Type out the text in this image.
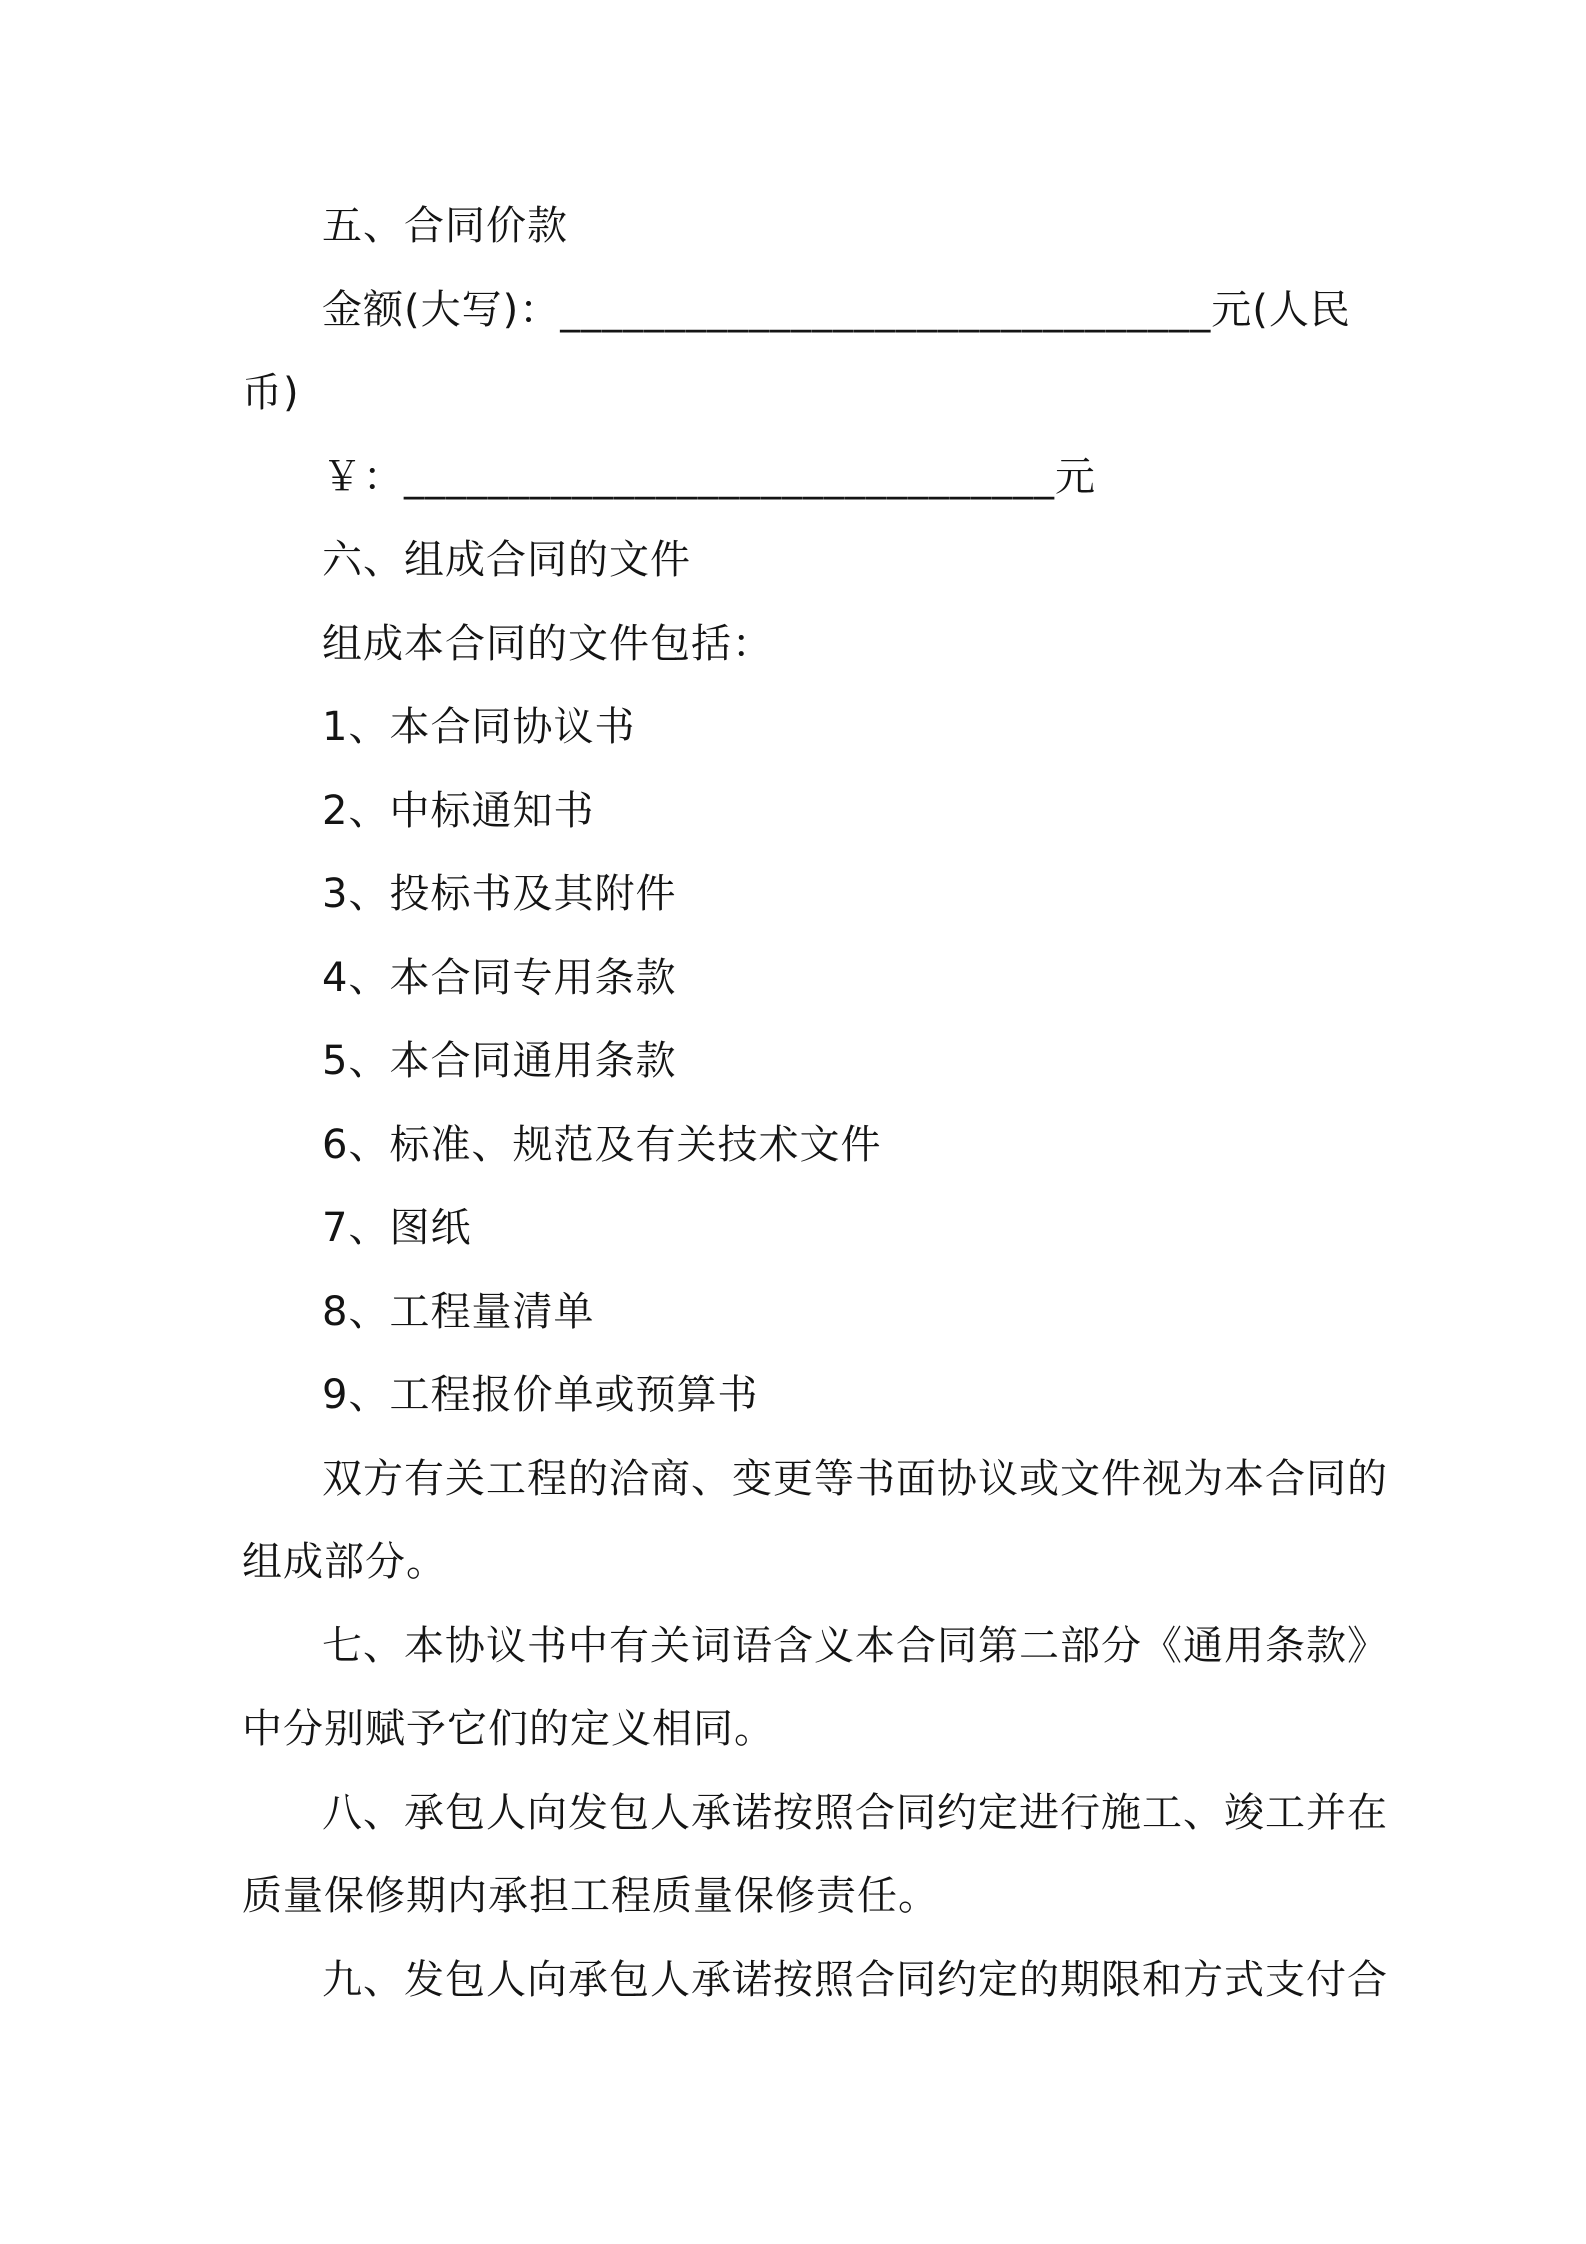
五、合同价款
金额(大写)：_______________________________元(人民
币)
￥：_______________________________元
六、组成合同的文件
组成本合同的文件包括：
1、本合同协议书
2、中标通知书
3、投标书及其附件
4、本合同专用条款
5、本合同通用条款
6、标准、规范及有关技术文件
7、图纸
8、工程量清单
9、工程报价单或预算书
双方有关工程的洽商、变更等书面协议或文件视为本合同的
组成部分。
七、本协议书中有关词语含义本合同第二部分《通用条款》
中分别赋予它们的定义相同。
八、承包人向发包人承诺按照合同约定进行施工、竣工并在
质量保修期内承担工程质量保修责任。
九、发包人向承包人承诺按照合同约定的期限和方式支付合
